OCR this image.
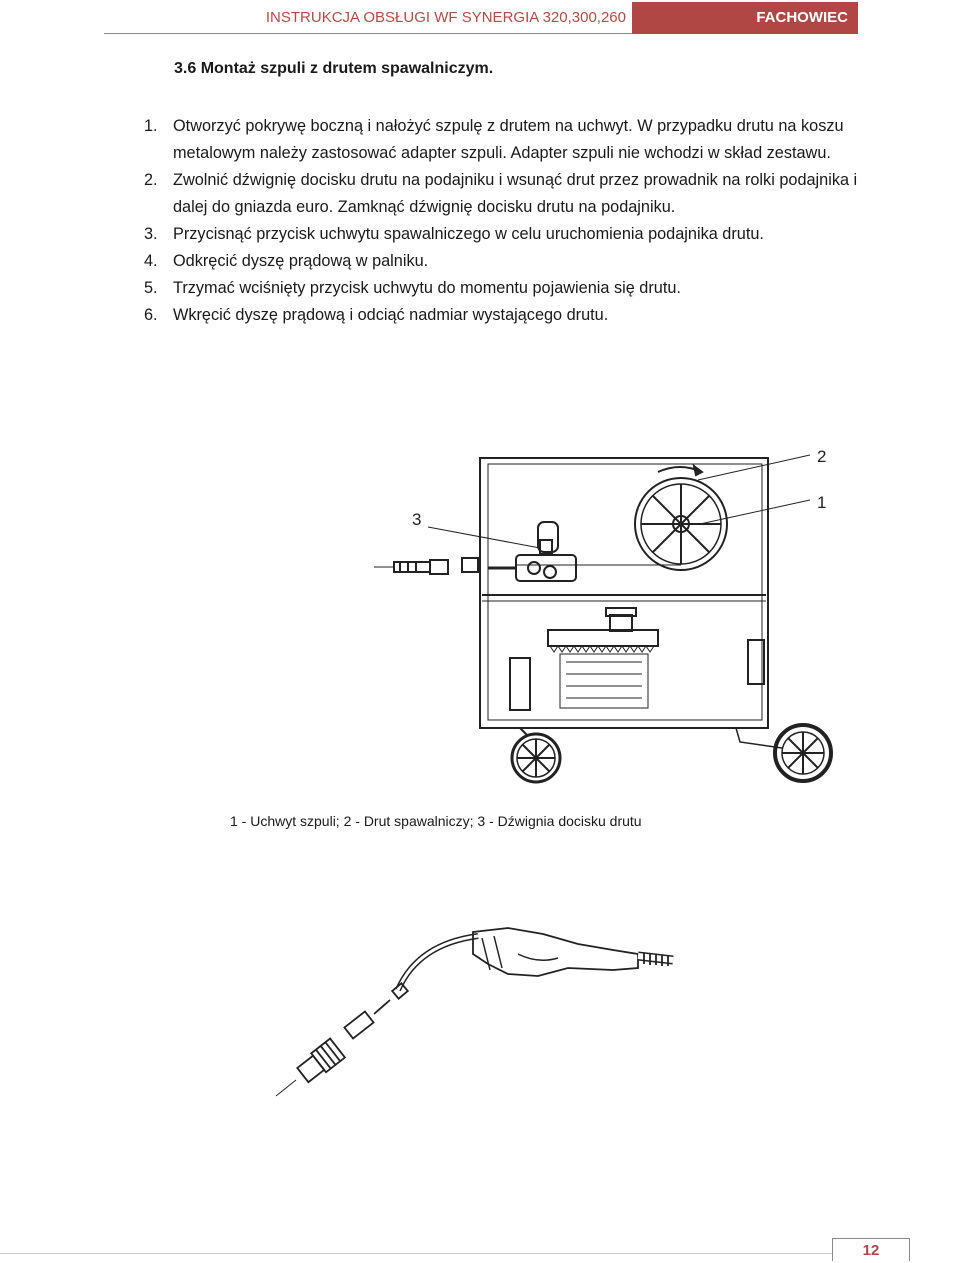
INSTRUKCJA OBSŁUGI WF SYNERGIA 320,300,260	FACHOWIEC
3.6 Montaż szpuli z drutem spawalniczym.
1. Otworzyć pokrywę boczną i nałożyć szpulę z drutem na uchwyt. W przypadku drutu na koszu metalowym należy zastosować adapter szpuli. Adapter szpuli nie wchodzi w skład zestawu.
2. Zwolnić dźwignię docisku drutu na podajniku i wsunąć drut przez prowadnik na rolki podajnika i dalej do gniazda euro. Zamknąć dźwignię docisku drutu na podajniku.
3. Przycisnąć przycisk uchwytu spawalniczego w celu uruchomienia podajnika drutu.
4. Odkręcić dyszę prądową w palniku.
5. Trzymać wciśnięty przycisk uchwytu do momentu pojawienia się drutu.
6. Wkręcić dyszę prądową i odciąć nadmiar wystającego drutu.
2
1
3
1 - Uchwyt szpuli; 2 - Drut spawalniczy; 3 - Dźwignia docisku drutu
12
